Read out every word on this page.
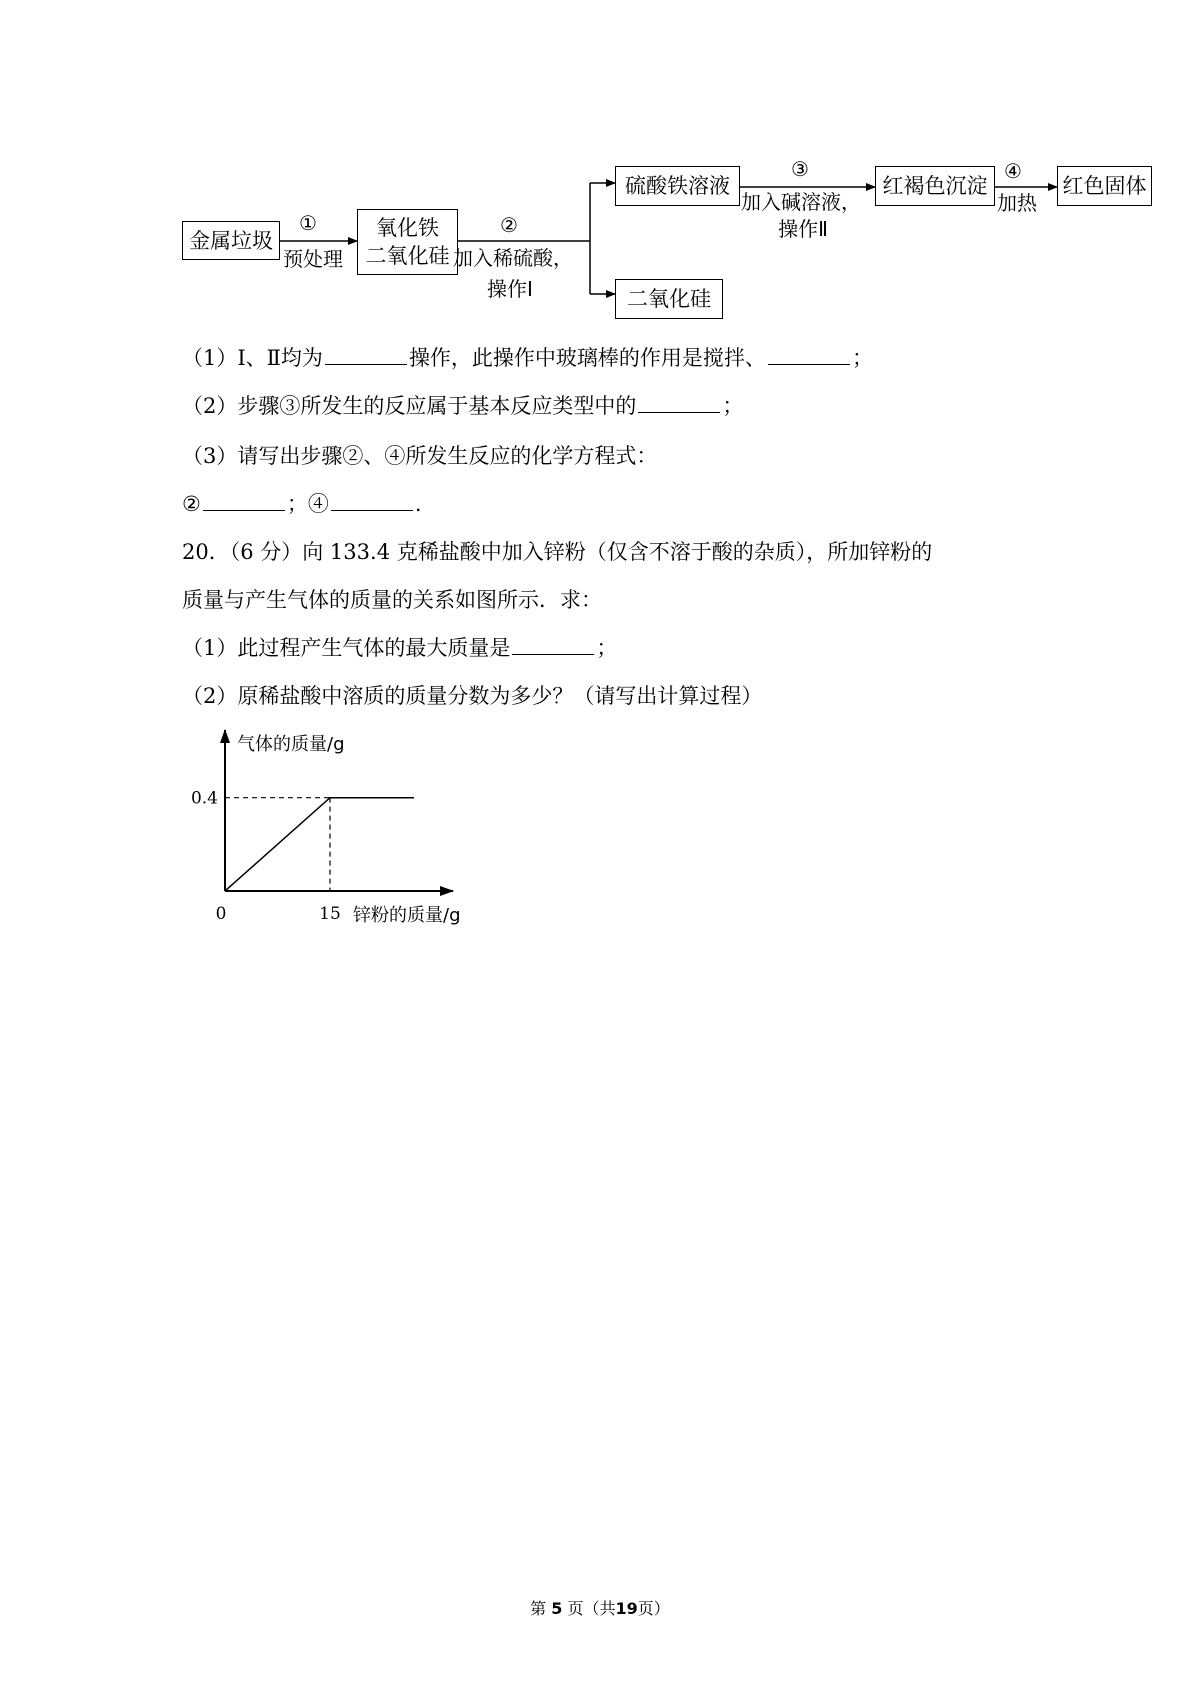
金属垃圾
氧化铁
二氧化硅
硫酸铁溶液	红褐色沉淀	红色固体
二氧化硅
①
预处理
②
加入稀硫酸，
操作Ⅰ
③
加入碱溶液，
操作Ⅱ
④
加热
（1）Ⅰ、Ⅱ均为	操作，此操作中玻璃棒的作用是搅拌、	；
（2）步骤③所发生的反应属于基本反应类型中的	；
（3）请写出步骤②、④所发生反应的化学方程式：
②	；④	.
20．（6 分）向 133.4 克稀盐酸中加入锌粉（仅含不溶于酸的杂质），所加锌粉的
质量与产生气体的质量的关系如图所示．求：
（1）此过程产生气体的最大质量是	；
（2）原稀盐酸中溶质的质量分数为多少？（请写出计算过程）
气体的质量/g
0.4
0	15 锌粉的质量/g
第 5 页（共19页）
